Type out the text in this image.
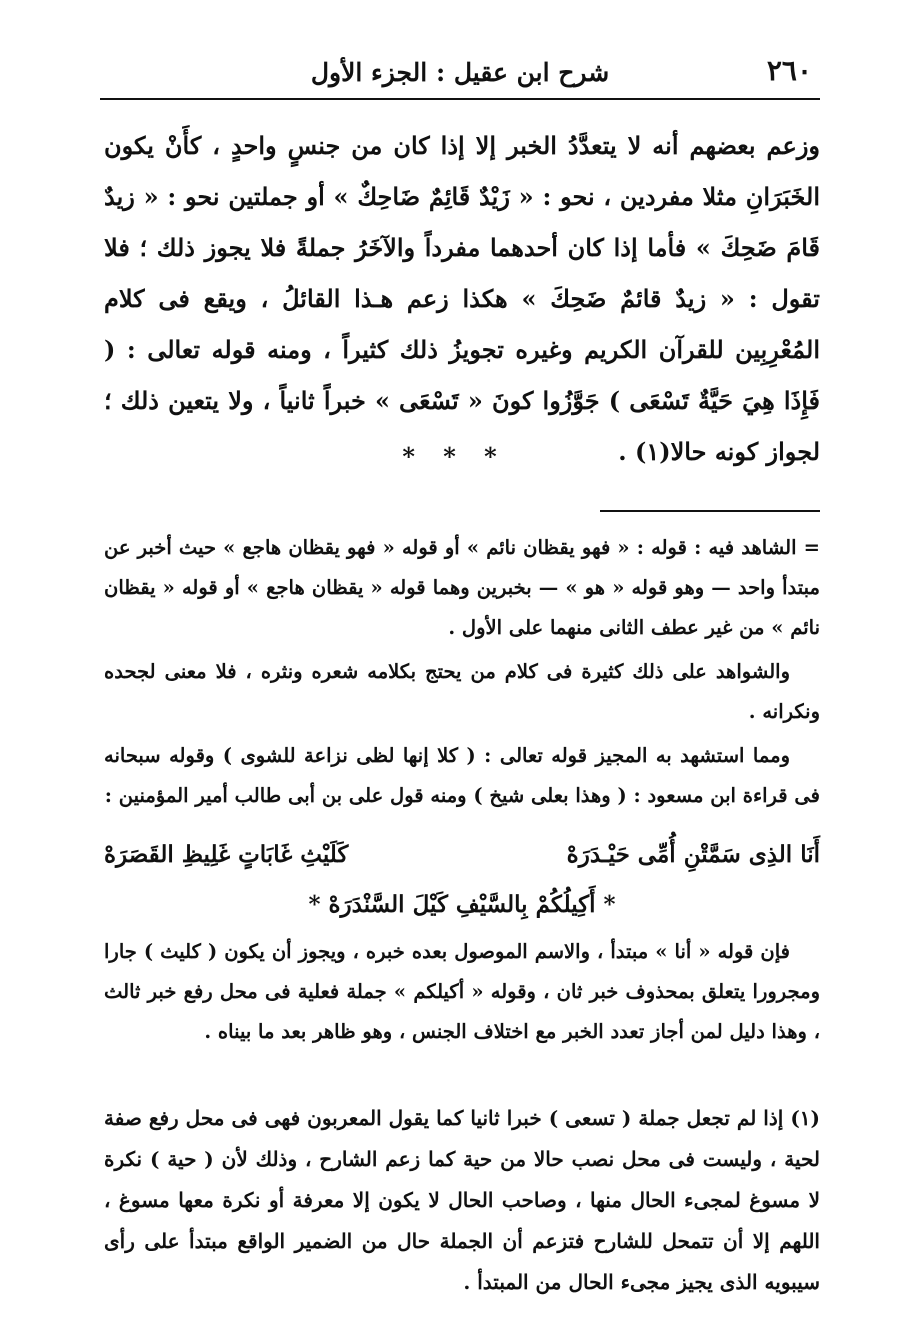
٢٦٠
شرح ابن عقيل : الجزء الأول
وزعم بعضهم أنه لا يتعدَّدُ الخبر إلا إذا كان من جنسٍ واحدٍ ، كأَنْ يكون الخَبَرَانِ مثلا مفردين ، نحو : « زَيْدٌ قَائِمٌ ضَاحِكٌ » أو جملتين نحو : « زيدٌ قَامَ ضَحِكَ » فأما إذا كان أحدهما مفرداً والآخَرُ جملةً فلا يجوز ذلك ؛ فلا تقول : « زيدٌ قائمٌ ضَحِكَ » هكذا زعم هـذا القائلُ ، ويقع فى كلام المُعْرِبِين للقرآن الكريم وغيره تجويزُ ذلك كثيراً ، ومنه قوله تعالى : ( فَإِذَا هِيَ حَيَّةٌ تَسْعَى ) جَوَّزُوا كونَ « تَسْعَى » خبراً ثانياً ، ولا يتعين ذلك ؛ لجواز كونه حالا(١) .
* * *

= الشاهد فيه : قوله : « فهو يقظان نائم » أو قوله « فهو يقظان هاجع » حيث أخبر عن مبتدأ واحد — وهو قوله « هو » — بخبرين وهما قوله « يقظان هاجع » أو قوله « يقظان نائم » من غير عطف الثانى منهما على الأول .

والشواهد على ذلك كثيرة فى كلام من يحتج بكلامه شعره ونثره ، فلا معنى لجحده ونكرانه .

ومما استشهد به المجيز قوله تعالى : ( كلا إنها لظى نزاعة للشوى ) وقوله سبحانه فى قراءة ابن مسعود : ( وهذا بعلى شيخ ) ومنه قول على بن أبى طالب أمير المؤمنين :

أَنَا الذِى سَمَّتْنِ أُمِّى حَيْـدَرَهْ
كَلَيْثِ غَابَاتٍ غَلِيظِ القَصَرَهْ
* أَكِيلُكُمْ بِالسَّيْفِ كَيْلَ السَّنْدَرَهْ *

فإن قوله « أنا » مبتدأ ، والاسم الموصول بعده خبره ، ويجوز أن يكون ( كليث ) جارا ومجرورا يتعلق بمحذوف خبر ثان ، وقوله « أكيلكم » جملة فعلية فى محل رفع خبر ثالث ، وهذا دليل لمن أجاز تعدد الخبر مع اختلاف الجنس ، وهو ظاهر بعد ما بيناه .

(١) إذا لم تجعل جملة ( تسعى ) خبرا ثانيا كما يقول المعربون فهى فى محل رفع صفة لحية ، وليست فى محل نصب حالا من حية كما زعم الشارح ، وذلك لأن ( حية ) نكرة لا مسوغ لمجىء الحال منها ، وصاحب الحال لا يكون إلا معرفة أو نكرة معها مسوغ ، اللهم إلا أن تتمحل للشارح فتزعم أن الجملة حال من الضمير الواقع مبتدأ على رأى سيبويه الذى يجيز مجىء الحال من المبتدأ .
